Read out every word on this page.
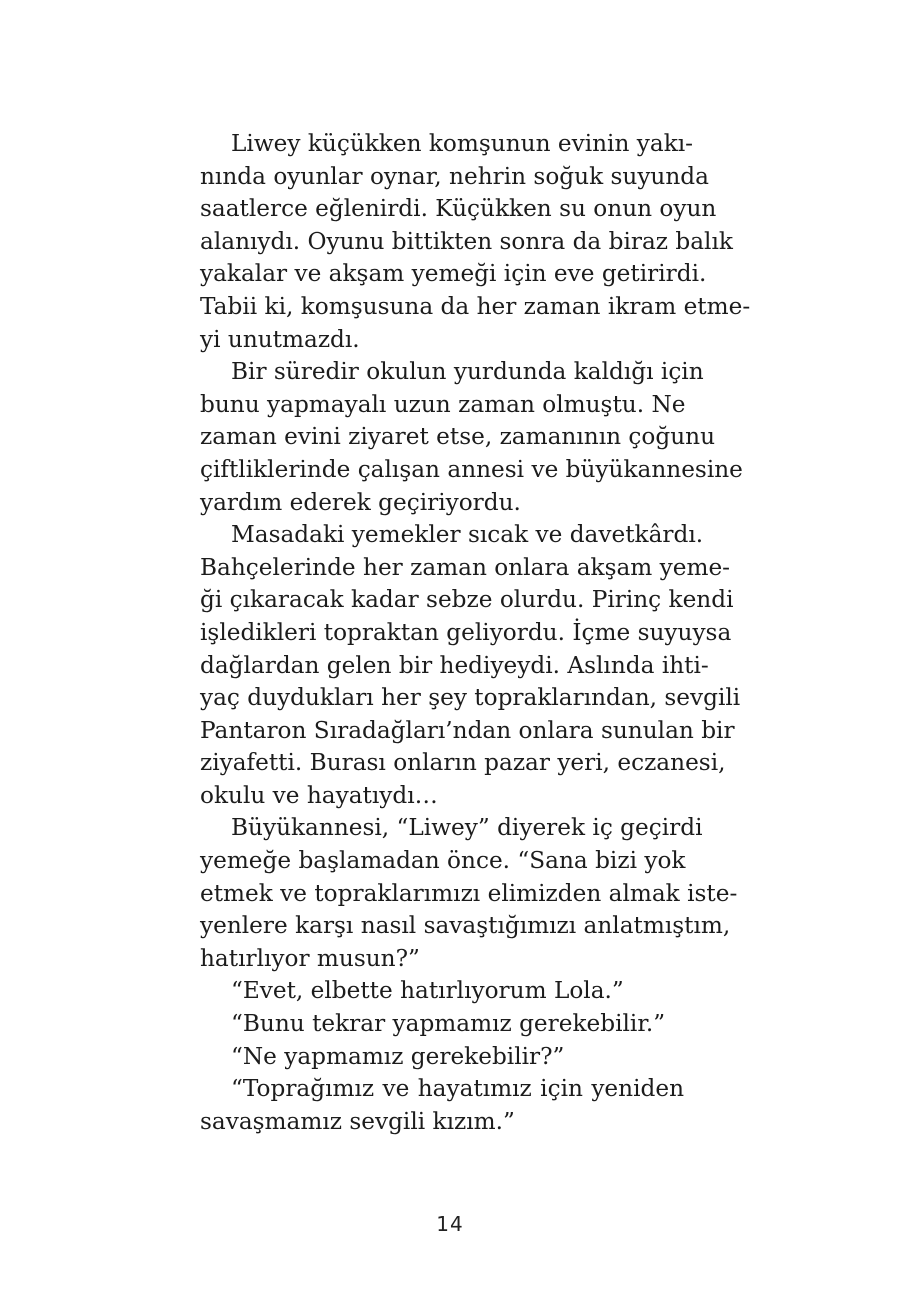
Liwey küçükken komşunun evinin yakı-
nında oyunlar oynar, nehrin soğuk suyunda
saatlerce eğlenirdi. Küçükken su onun oyun
alanıydı. Oyunu bittikten sonra da biraz balık
yakalar ve akşam yemeği için eve getirirdi.
Tabii ki, komşusuna da her zaman ikram etme-
yi unutmazdı.
Bir süredir okulun yurdunda kaldığı için
bunu yapmayalı uzun zaman olmuştu. Ne
zaman evini ziyaret etse, zamanının çoğunu
çiftliklerinde çalışan annesi ve büyükannesine
yardım ederek geçiriyordu.
Masadaki yemekler sıcak ve davetkârdı.
Bahçelerinde her zaman onlara akşam yeme-
ği çıkaracak kadar sebze olurdu. Pirinç kendi
işledikleri topraktan geliyordu. İçme suyuysa
dağlardan gelen bir hediyeydi. Aslında ihti-
yaç duydukları her şey topraklarından, sevgili
Pantaron Sıradağları’ndan onlara sunulan bir
ziyafetti. Burası onların pazar yeri, eczanesi,
okulu ve hayatıydı…
Büyükannesi, “Liwey” diyerek iç geçirdi
yemeğe başlamadan önce. “Sana bizi yok
etmek ve topraklarımızı elimizden almak iste-
yenlere karşı nasıl savaştığımızı anlatmıştım,
hatırlıyor musun?”
“Evet, elbette hatırlıyorum Lola.”
“Bunu tekrar yapmamız gerekebilir.”
“Ne yapmamız gerekebilir?”
“Toprağımız ve hayatımız için yeniden
savaşmamız sevgili kızım.”
14
